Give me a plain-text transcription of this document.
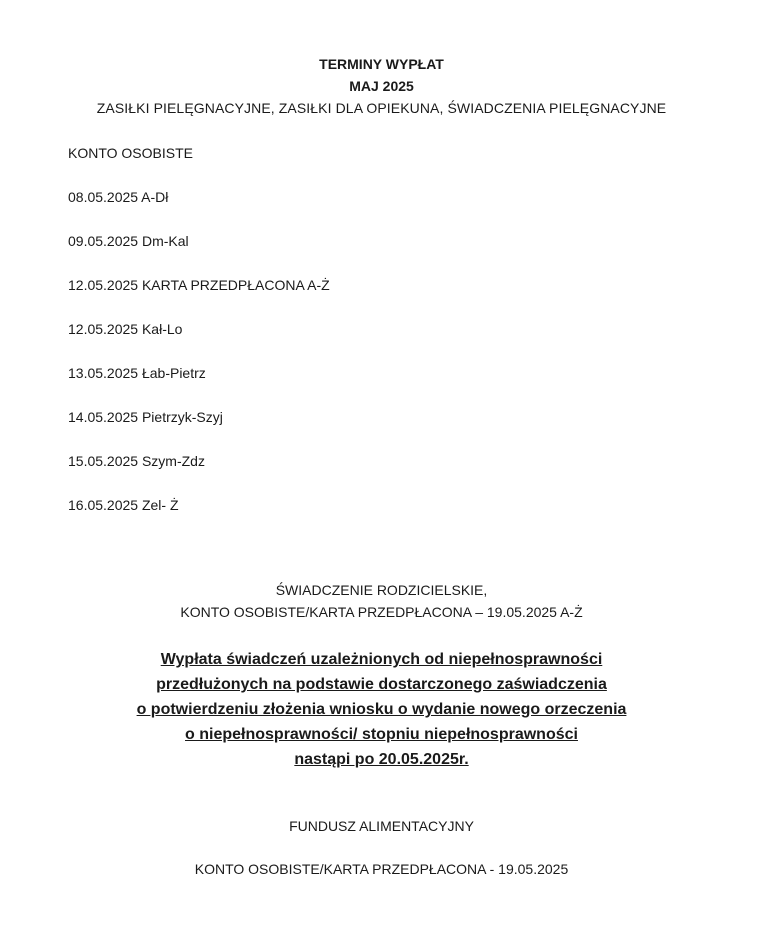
TERMINY WYPŁAT
MAJ 2025
ZASIŁKI PIELĘGNACYJNE, ZASIŁKI DLA OPIEKUNA, ŚWIADCZENIA PIELĘGNACYJNE
KONTO OSOBISTE
08.05.2025 A-Dł
09.05.2025 Dm-Kal
12.05.2025 KARTA PRZEDPŁACONA A-Ż
12.05.2025 Kał-Lo
13.05.2025 Łab-Pietrz
14.05.2025 Pietrzyk-Szyj
15.05.2025 Szym-Zdz
16.05.2025 Zel- Ż
ŚWIADCZENIE RODZICIELSKIE,
KONTO OSOBISTE/KARTA PRZEDPŁACONA – 19.05.2025 A-Ż
Wypłata świadczeń uzależnionych od niepełnosprawności
przedłużonych na podstawie dostarczonego zaświadczenia
o potwierdzeniu złożenia wniosku o wydanie nowego orzeczenia
o niepełnosprawności/ stopniu niepełnosprawności
nastąpi po 20.05.2025r.
FUNDUSZ ALIMENTACYJNY
KONTO OSOBISTE/KARTA PRZEDPŁACONA - 19.05.2025
